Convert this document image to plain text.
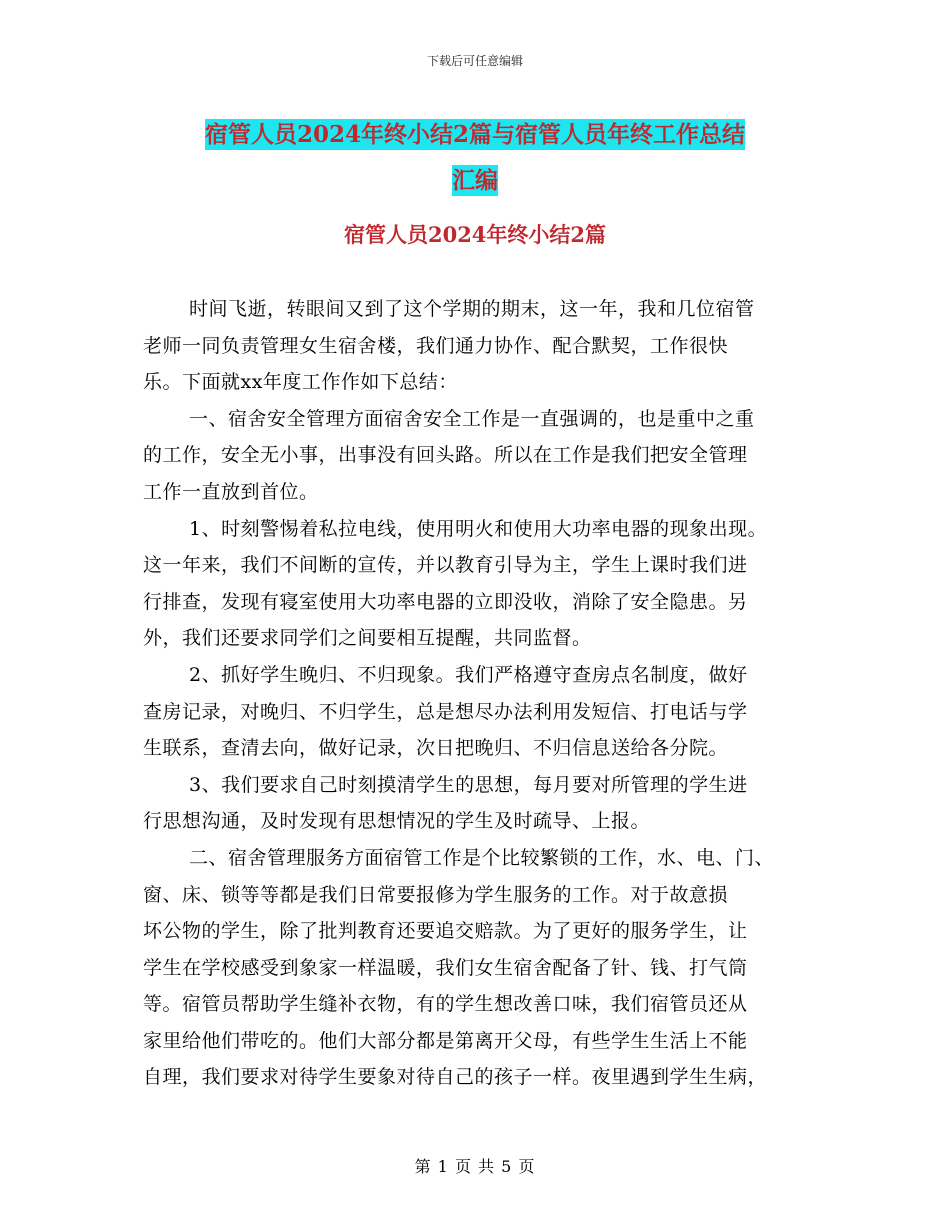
下载后可任意编辑
宿管人员2024年终小结2篇与宿管人员年终工作总结
汇编
宿管人员2024年终小结2篇
时间飞逝，转眼间又到了这个学期的期末，这一年，我和几位宿管
老师一同负责管理女生宿舍楼，我们通力协作、配合默契，工作很快
乐。下面就xx年度工作作如下总结：
一、宿舍安全管理方面宿舍安全工作是一直强调的，也是重中之重
的工作，安全无小事，出事没有回头路。所以在工作是我们把安全管理
工作一直放到首位。
1、时刻警惕着私拉电线，使用明火和使用大功率电器的现象出现。
这一年来，我们不间断的宣传，并以教育引导为主，学生上课时我们进
行排查，发现有寝室使用大功率电器的立即没收，消除了安全隐患。另
外，我们还要求同学们之间要相互提醒，共同监督。
2、抓好学生晚归、不归现象。我们严格遵守查房点名制度，做好
查房记录，对晚归、不归学生，总是想尽办法利用发短信、打电话与学
生联系，查清去向，做好记录，次日把晚归、不归信息送给各分院。
3、我们要求自己时刻摸清学生的思想，每月要对所管理的学生进
行思想沟通，及时发现有思想情况的学生及时疏导、上报。
二、宿舍管理服务方面宿管工作是个比较繁锁的工作，水、电、门、
窗、床、锁等等都是我们日常要报修为学生服务的工作。对于故意损
坏公物的学生，除了批判教育还要追交赔款。为了更好的服务学生，让
学生在学校感受到象家一样温暖，我们女生宿舍配备了针、钱、打气筒
等。宿管员帮助学生缝补衣物，有的学生想改善口味，我们宿管员还从
家里给他们带吃的。他们大部分都是第离开父母，有些学生生活上不能
自理，我们要求对待学生要象对待自己的孩子一样。夜里遇到学生生病，
第 1 页 共 5 页
